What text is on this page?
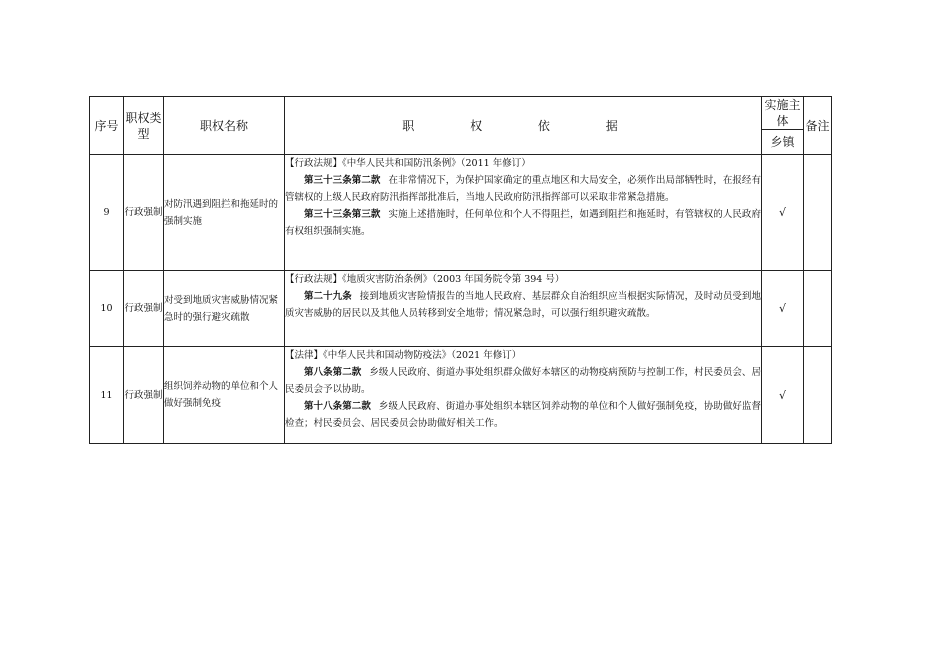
序号	职权类型	职权名称	职 权 依 据	实施主体	备注
				乡镇	
9	行政强制	对防汛遇到阻拦和拖延时的强制实施	【行政法规】《中华人民共和国防汛条例》（2011 年修订）
第三十三条第二款 在非常情况下，为保护国家确定的重点地区和大局安全，必须作出局部牺牲时，在报经有管辖权的上级人民政府防汛指挥部批准后，当地人民政府防汛指挥部可以采取非常紧急措施。
第三十三条第三款 实施上述措施时，任何单位和个人不得阻拦，如遇到阻拦和拖延时，有管辖权的人民政府有权组织强制实施。	√	
10	行政强制	对受到地质灾害威胁情况紧急时的强行避灾疏散	【行政法规】《地质灾害防治条例》（2003 年国务院令第 394 号）
第二十九条 接到地质灾害险情报告的当地人民政府、基层群众自治组织应当根据实际情况，及时动员受到地质灾害威胁的居民以及其他人员转移到安全地带；情况紧急时，可以强行组织避灾疏散。	√	
11	行政强制	组织饲养动物的单位和个人做好强制免疫	【法律】《中华人民共和国动物防疫法》（2021 年修订）
第八条第二款 乡级人民政府、街道办事处组织群众做好本辖区的动物疫病预防与控制工作，村民委员会、居民委员会予以协助。
第十八条第二款 乡级人民政府、街道办事处组织本辖区饲养动物的单位和个人做好强制免疫，协助做好监督检查；村民委员会、居民委员会协助做好相关工作。	√	
